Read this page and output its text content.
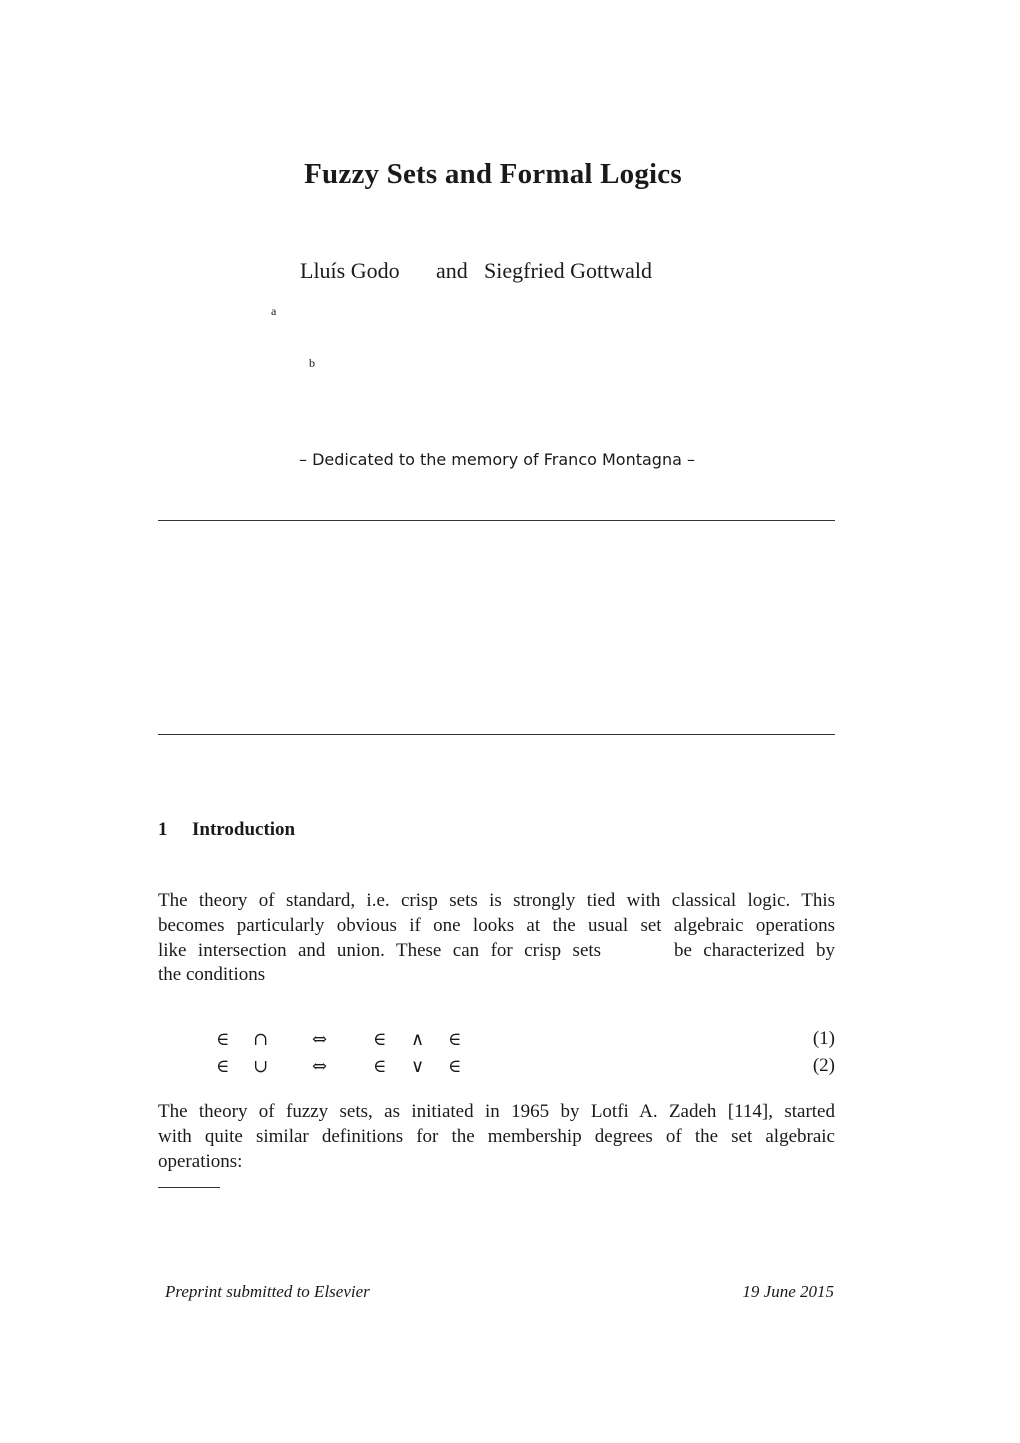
Fuzzy Sets and Formal Logics
Lluís Godo and Siegfried Gottwald
a
b
– Dedicated to the memory of Franco Montagna –
1 Introduction
The theory of standard, i.e. crisp sets is strongly tied with classical logic. This
becomes particularly obvious if one looks at the usual set algebraic operations
like intersection and union. These can for crisp sets	be characterized by
the conditions
∈ ∩ ⇔	∈ ∧ ∈	(1)
∈ ∪ ⇔	∈ ∨ ∈	(2)
The theory of fuzzy sets, as initiated in 1965 by Lotfi A. Zadeh [114], started
with quite similar definitions for the membership degrees of the set algebraic
operations:
Preprint submitted to Elsevier	19 June 2015
